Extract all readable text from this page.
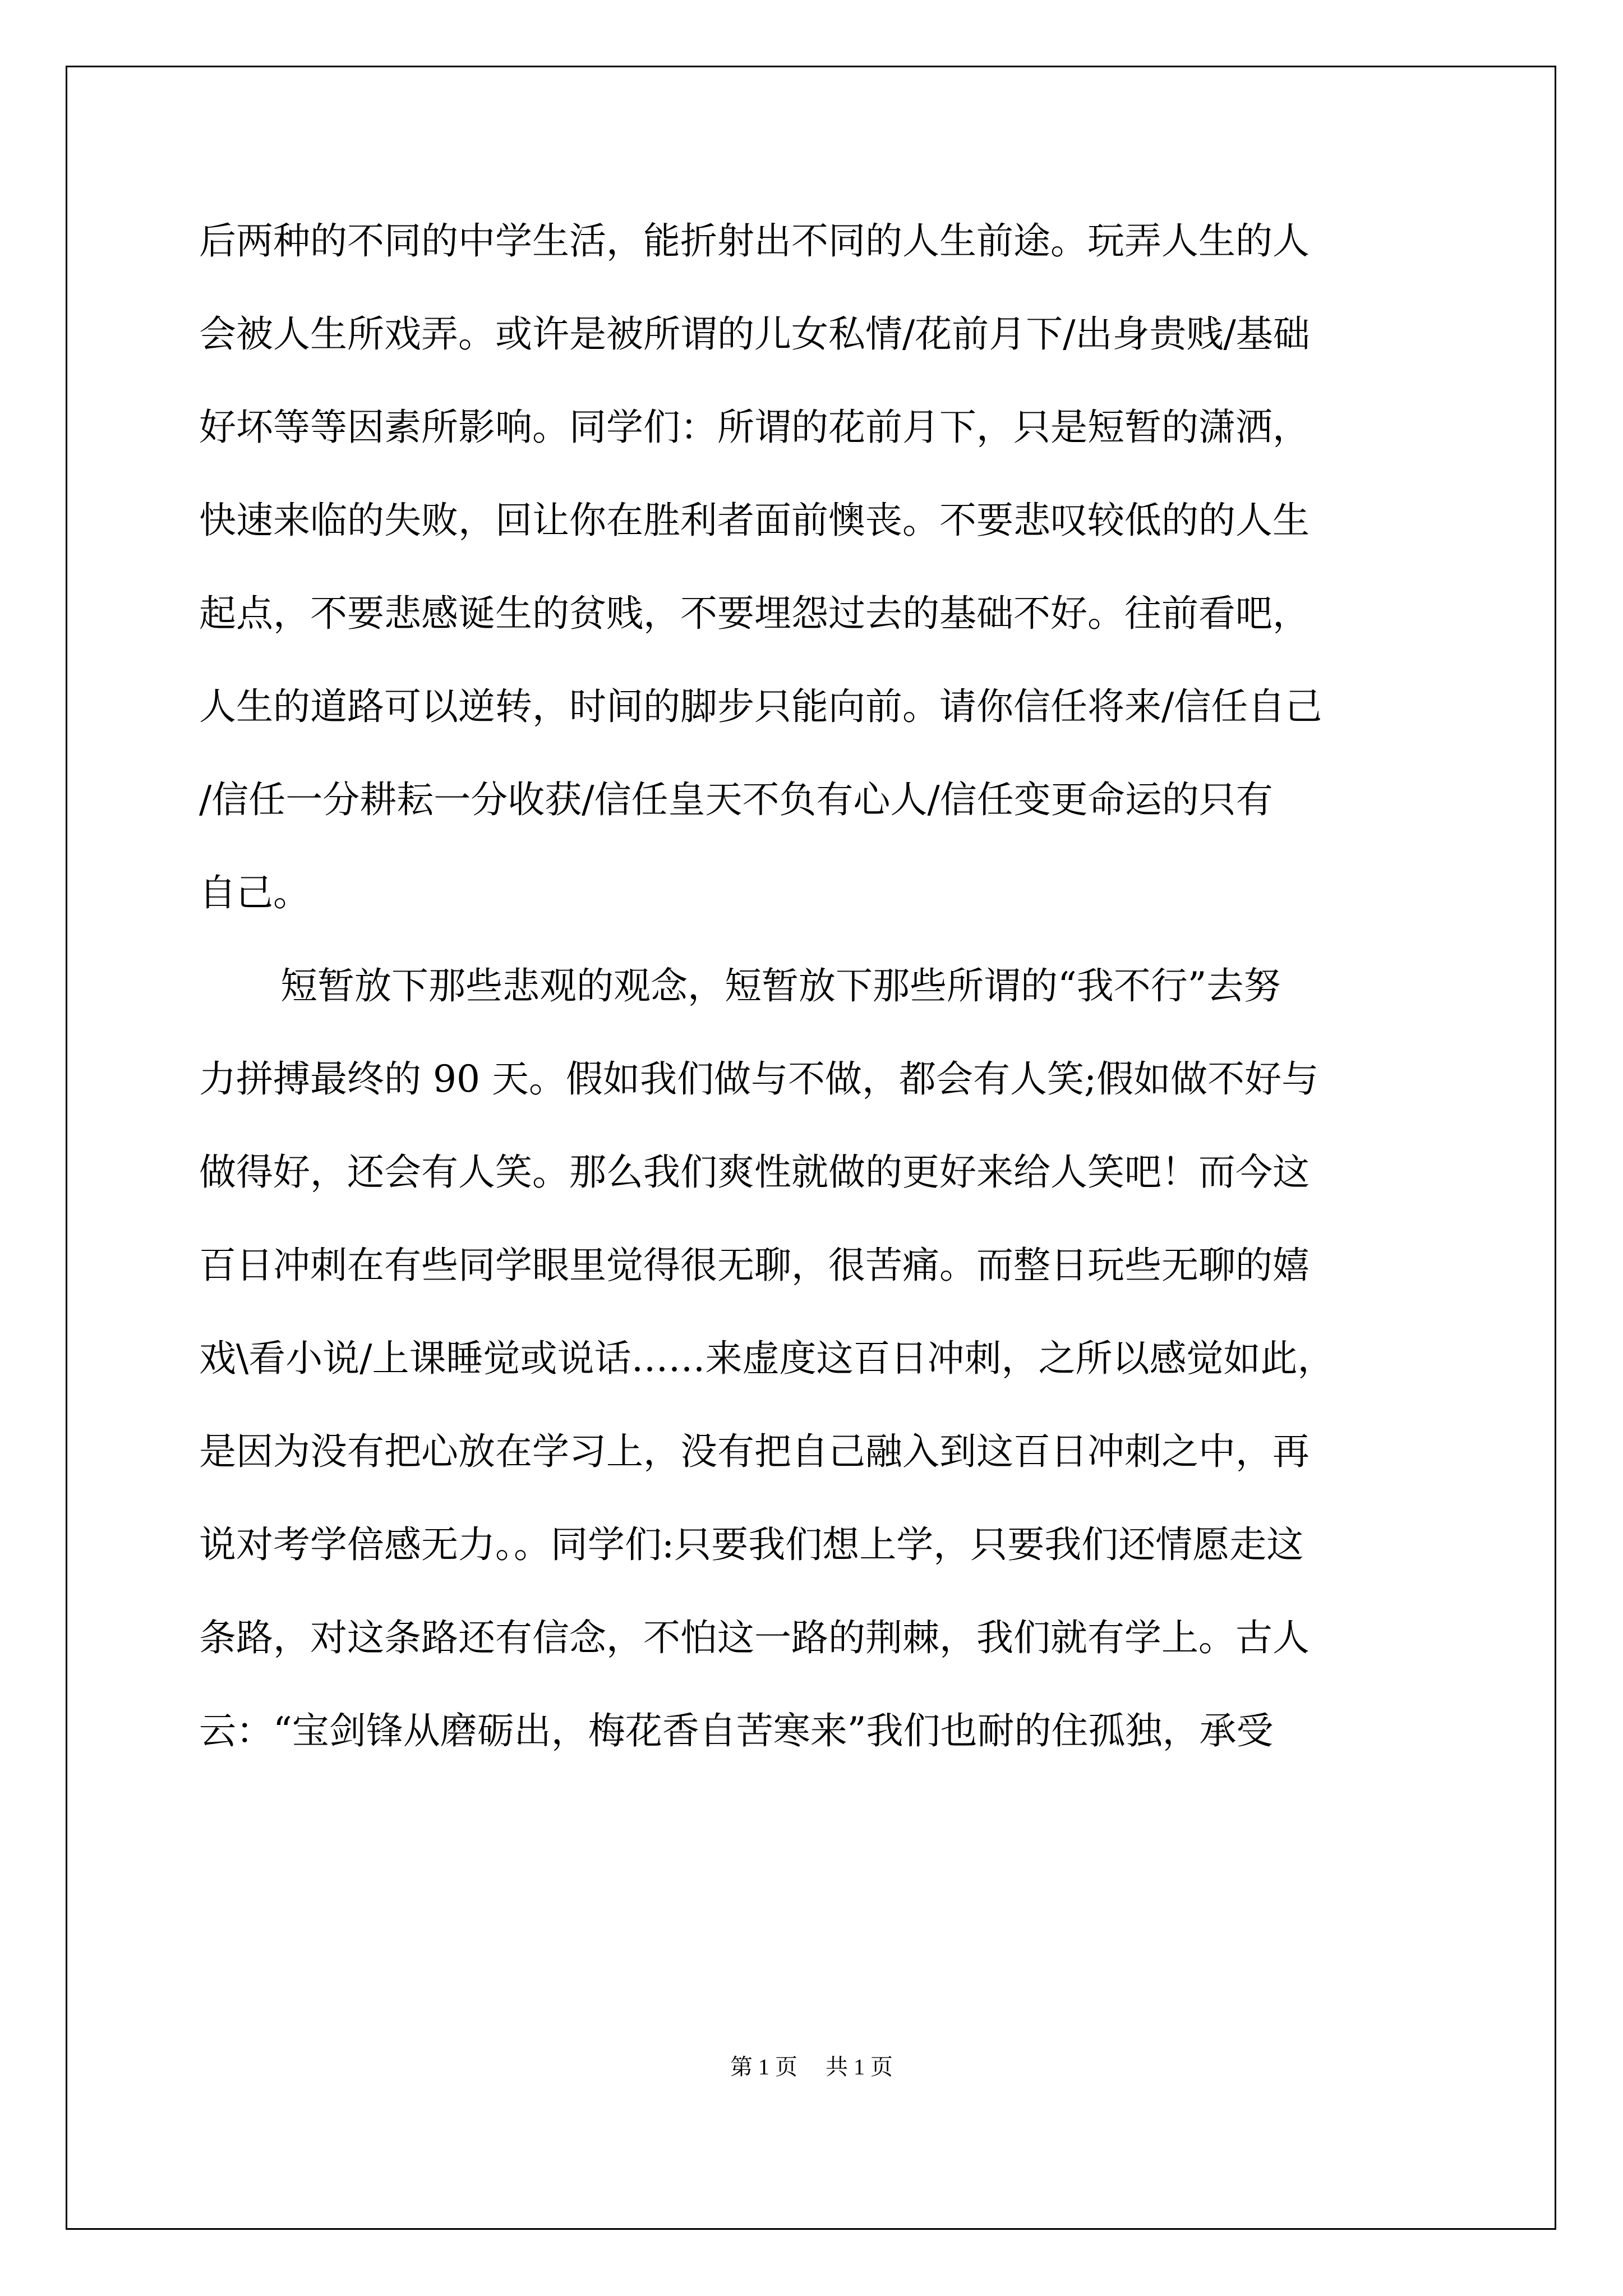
后两种的不同的中学生活，能折射出不同的人生前途。玩弄人生的人
会被人生所戏弄。或许是被所谓的儿女私情/花前月下/出身贵贱/基础
好坏等等因素所影响。同学们：所谓的花前月下，只是短暂的潇洒，
快速来临的失败，回让你在胜利者面前懊丧。不要悲叹较低的的人生
起点，不要悲感诞生的贫贱，不要埋怨过去的基础不好。往前看吧，
人生的道路可以逆转，时间的脚步只能向前。请你信任将来/信任自己
/信任一分耕耘一分收获/信任皇天不负有心人/信任变更命运的只有
自己。
短暂放下那些悲观的观念，短暂放下那些所谓的“我不行”去努
力拼搏最终的 90 天。假如我们做与不做，都会有人笑;假如做不好与
做得好，还会有人笑。那么我们爽性就做的更好来给人笑吧！而今这
百日冲刺在有些同学眼里觉得很无聊，很苦痛。而整日玩些无聊的嬉
戏\看小说/上课睡觉或说话……来虚度这百日冲刺，之所以感觉如此，
是因为没有把心放在学习上，没有把自己融入到这百日冲刺之中，再
说对考学倍感无力。。同学们:只要我们想上学，只要我们还情愿走这
条路，对这条路还有信念，不怕这一路的荆棘，我们就有学上。古人
云：“宝剑锋从磨砺出，梅花香自苦寒来”我们也耐的住孤独，承受
第 1 页 共 1 页
